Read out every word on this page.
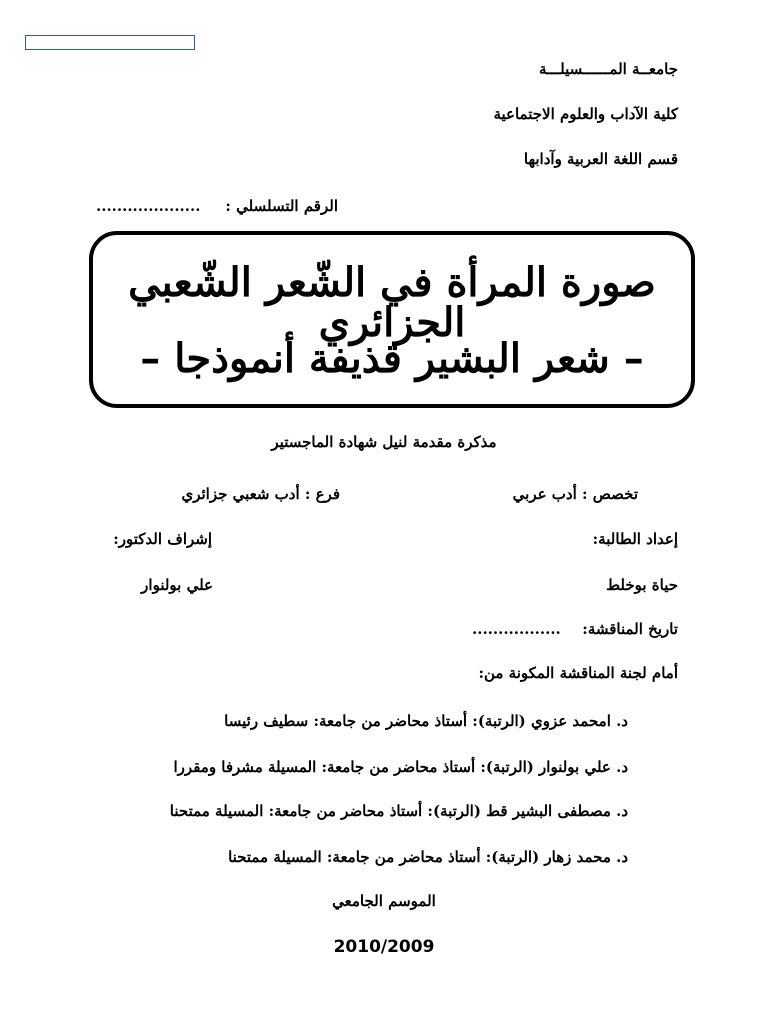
جامعــة المــــــسيلـــة
كلية الآداب والعلوم الاجتماعية
قسم اللغة العربية وآدابها
الرقم التسلسلي :
....................
صورة المرأة في الشّعر الشّعبي الجزائري
– شعر البشير قذيفة أنموذجا –
مذكرة مقدمة لنيل شهادة الماجستير
تخصص : أدب عربي
فرع : أدب شعبي جزائري
إعداد الطالبة:
إشراف الدكتور:
حياة بوخلط
علي بولنوار
تاريخ المناقشة:
.................
أمام لجنة المناقشة المكونة من:
د. امحمد عزوي (الرتبة): أستاذ محاضر من جامعة: سطيف رئيسا
د. علي بولنوار (الرتبة): أستاذ محاضر من جامعة: المسيلة مشرفا ومقررا
د. مصطفى البشير قط (الرتبة): أستاذ محاضر من جامعة: المسيلة ممتحنا
د. محمد زهار (الرتبة): أستاذ محاضر من جامعة: المسيلة ممتحنا
الموسم الجامعي
2010/2009
